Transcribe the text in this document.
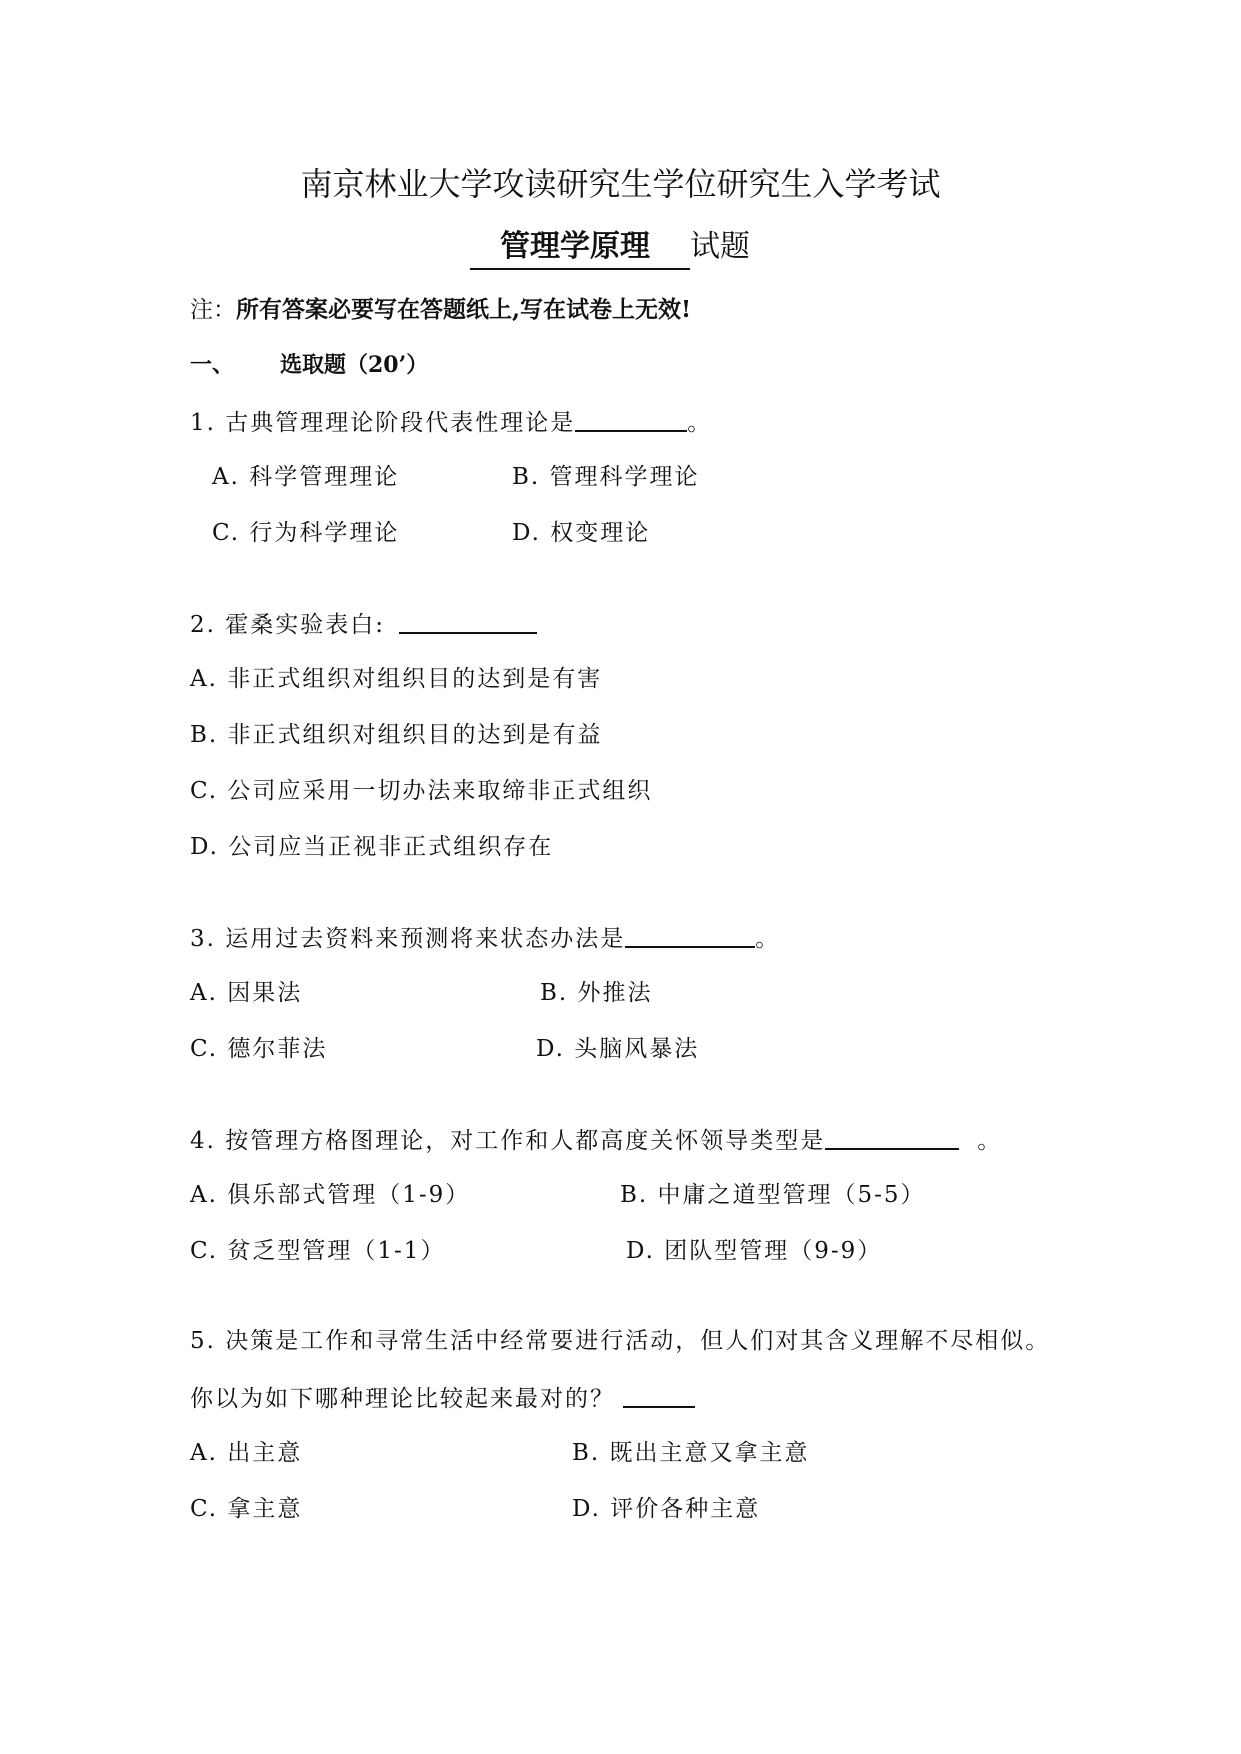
南京林业大学攻读研究生学位研究生入学考试
管理学原理 试题
注：所有答案必要写在答题纸上,写在试卷上无效!
一、 选取题（20’）
1. 古典管理理论阶段代表性理论是	。
A. 科学管理理论	B. 管理科学理论
C. 行为科学理论	D. 权变理论
2. 霍桑实验表白:
A. 非正式组织对组织目的达到是有害
B. 非正式组织对组织目的达到是有益
C. 公司应采用一切办法来取缔非正式组织
D. 公司应当正视非正式组织存在
3. 运用过去资料来预测将来状态办法是	。
A. 因果法	B. 外推法
C. 德尔菲法	D. 头脑风暴法
4. 按管理方格图理论，对工作和人都高度关怀领导类型是	。
A. 俱乐部式管理（1-9）	B. 中庸之道型管理（5-5）
C. 贫乏型管理（1-1）	D. 团队型管理（9-9）
5. 决策是工作和寻常生活中经常要进行活动，但人们对其含义理解不尽相似。
你以为如下哪种理论比较起来最对的？
A. 出主意	B. 既出主意又拿主意
C. 拿主意	D. 评价各种主意
